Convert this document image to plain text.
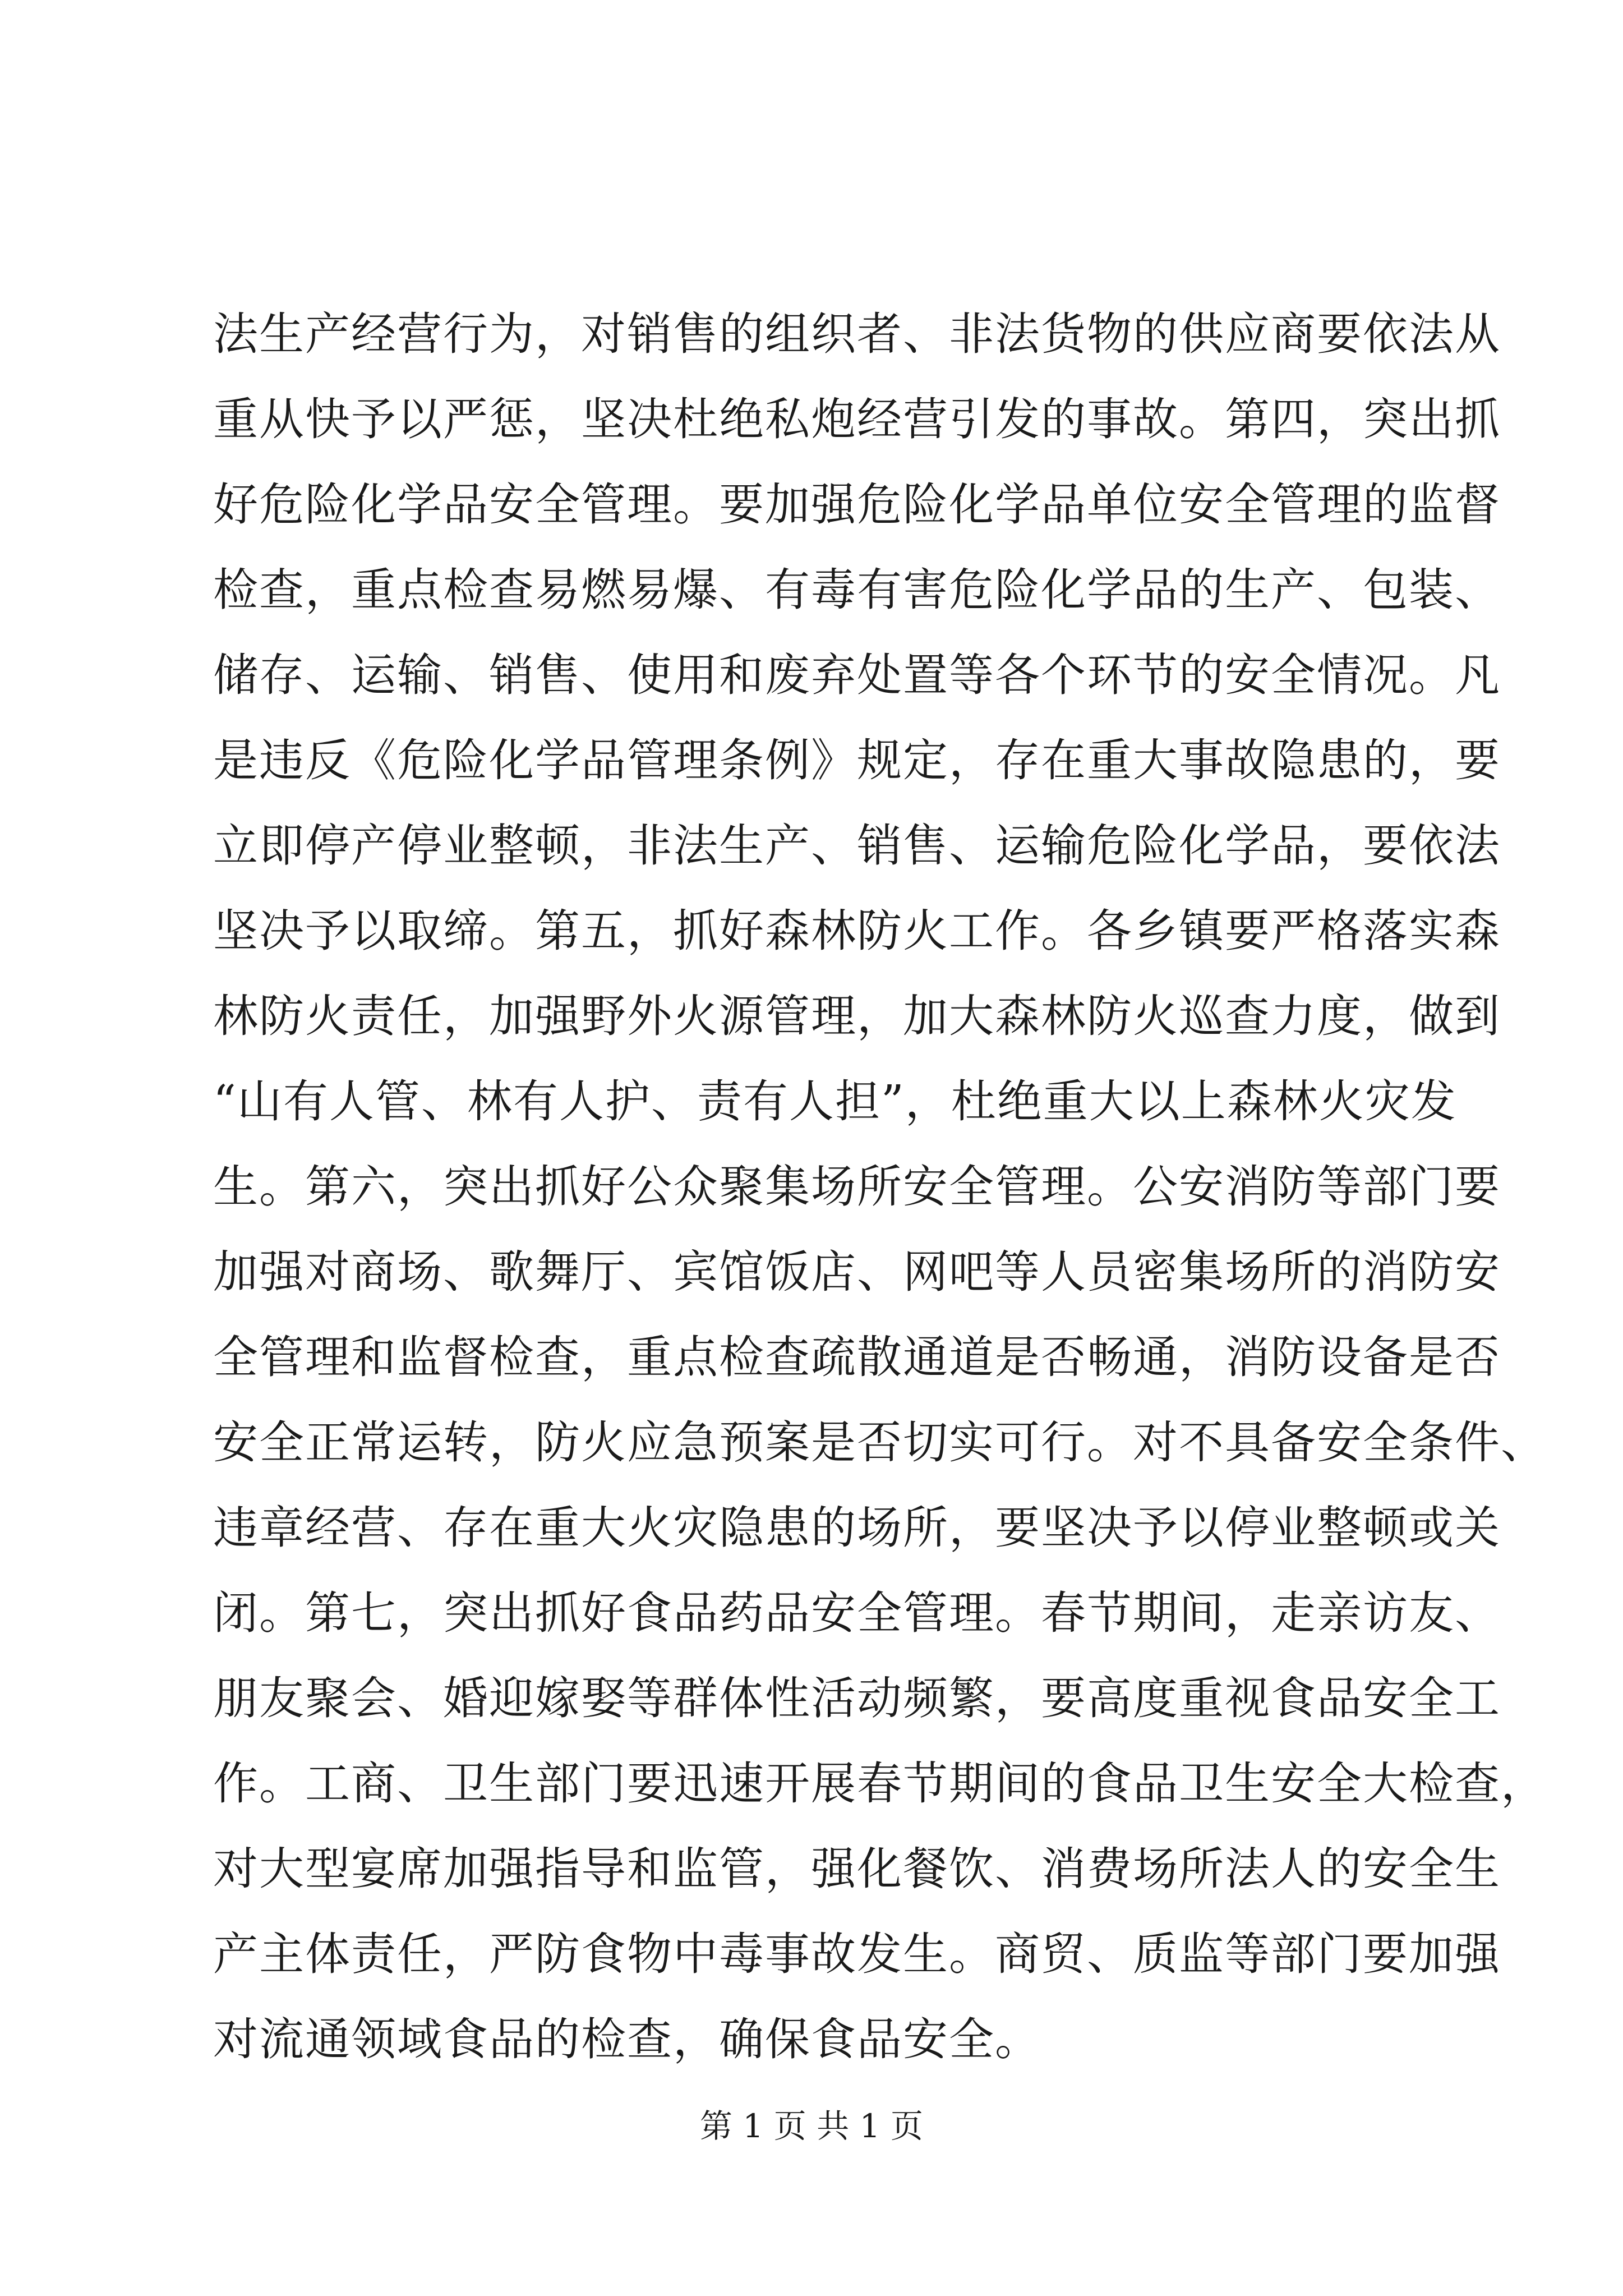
法生产经营行为，对销售的组织者、非法货物的供应商要依法从
重从快予以严惩，坚决杜绝私炮经营引发的事故。第四，突出抓
好危险化学品安全管理。要加强危险化学品单位安全管理的监督
检查，重点检查易燃易爆、有毒有害危险化学品的生产、包装、
储存、运输、销售、使用和废弃处置等各个环节的安全情况。凡
是违反《危险化学品管理条例》规定，存在重大事故隐患的，要
立即停产停业整顿，非法生产、销售、运输危险化学品，要依法
坚决予以取缔。第五，抓好森林防火工作。各乡镇要严格落实森
林防火责任，加强野外火源管理，加大森林防火巡查力度，做到
“山有人管、林有人护、责有人担”，杜绝重大以上森林火灾发
生。第六，突出抓好公众聚集场所安全管理。公安消防等部门要
加强对商场、歌舞厅、宾馆饭店、网吧等人员密集场所的消防安
全管理和监督检查，重点检查疏散通道是否畅通，消防设备是否
安全正常运转，防火应急预案是否切实可行。对不具备安全条件、
违章经营、存在重大火灾隐患的场所，要坚决予以停业整顿或关
闭。第七，突出抓好食品药品安全管理。春节期间，走亲访友、
朋友聚会、婚迎嫁娶等群体性活动频繁，要高度重视食品安全工
作。工商、卫生部门要迅速开展春节期间的食品卫生安全大检查，
对大型宴席加强指导和监管，强化餐饮、消费场所法人的安全生
产主体责任，严防食物中毒事故发生。商贸、质监等部门要加强
对流通领域食品的检查，确保食品安全。
第 1 页 共 1 页
